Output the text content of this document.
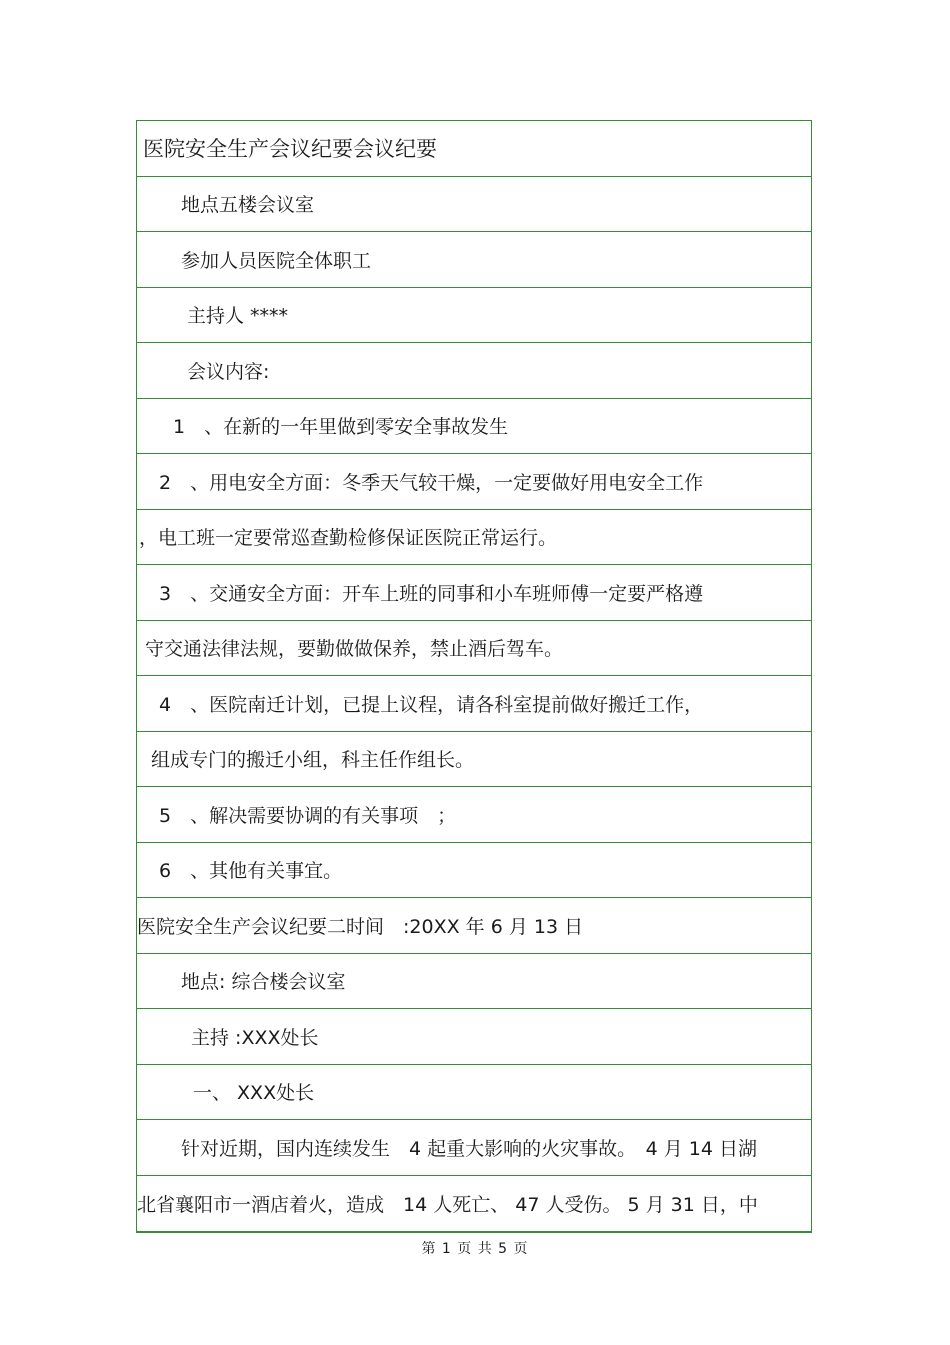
医院安全生产会议纪要会议纪要
地点五楼会议室
参加人员医院全体职工
主持人 ****
会议内容:
1　、在新的一年里做到零安全事故发生
2　、用电安全方面：冬季天气较干燥，一定要做好用电安全工作
，电工班一定要常巡查勤检修保证医院正常运行。
3　、交通安全方面：开车上班的同事和小车班师傅一定要严格遵
守交通法律法规，要勤做做保养，禁止酒后驾车。
4　、医院南迁计划，已提上议程，请各科室提前做好搬迁工作，
组成专门的搬迁小组，科主任作组长。
5　、解决需要协调的有关事项　；
6　、其他有关事宜。
医院安全生产会议纪要二时间　:20XX 年 6 月 13 日
地点: 综合楼会议室
主持 :XXX处长
一、 XXX处长
针对近期，国内连续发生　4 起重大影响的火灾事故。　4 月 14 日湖
北省襄阳市一酒店着火，造成　14 人死亡、 47 人受伤。 5 月 31 日，中
第 1 页 共 5 页
